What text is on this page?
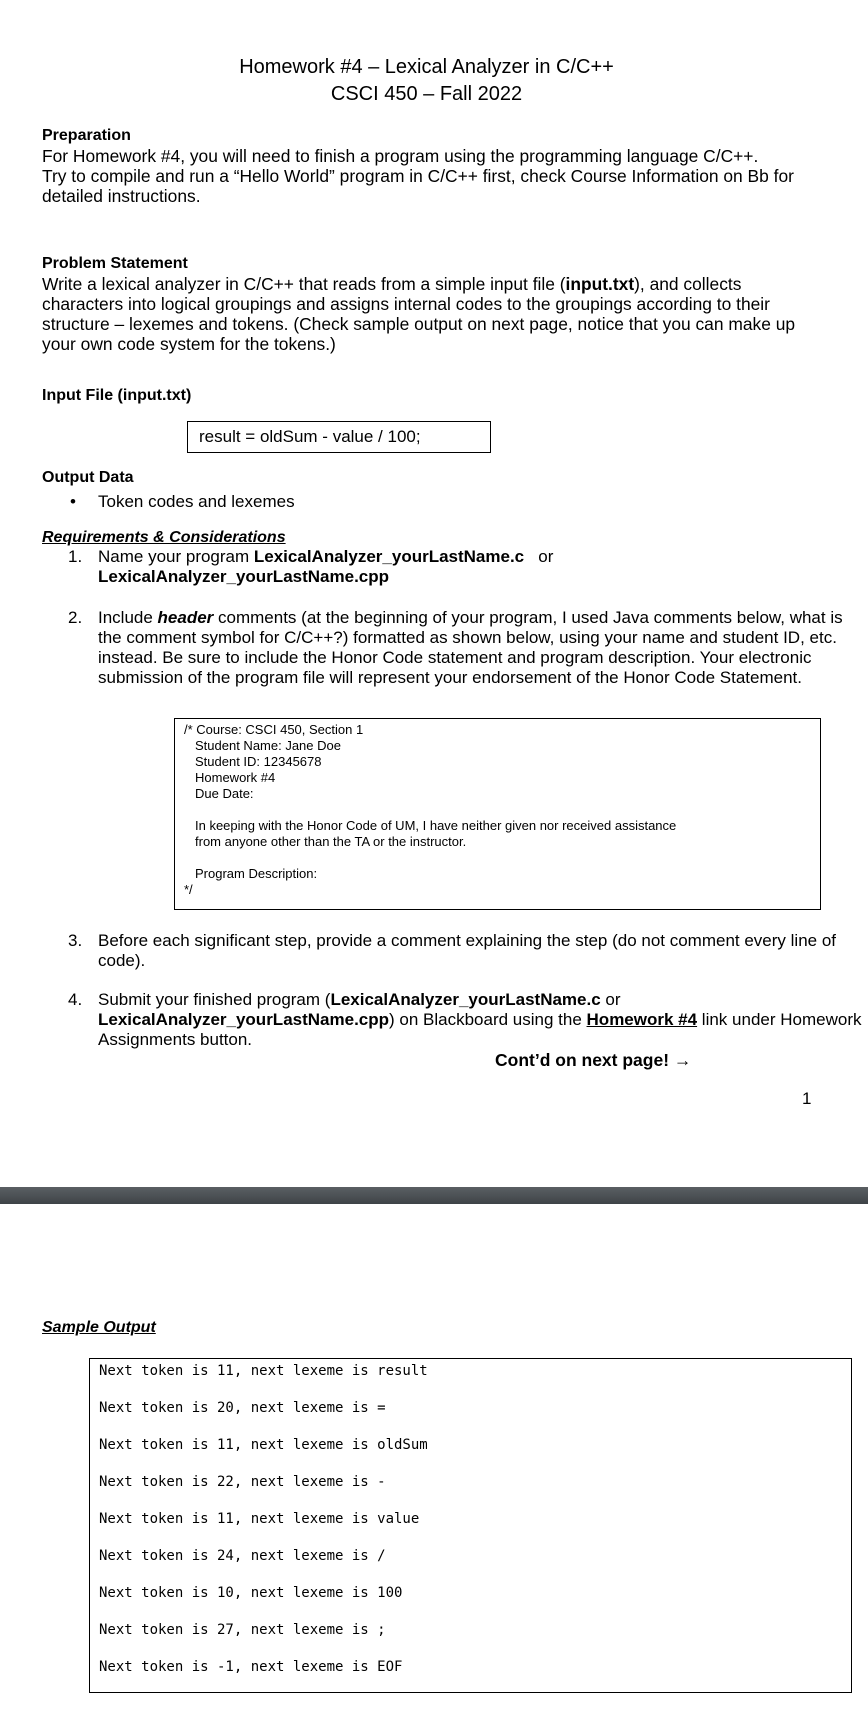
Homework #4 – Lexical Analyzer in C/C++
CSCI 450 – Fall 2022
Preparation
For Homework #4, you will need to finish a program using the programming language C/C++.
Try to compile and run a “Hello World” program in C/C++ first, check Course Information on Bb for detailed instructions.
Problem Statement
Write a lexical analyzer in C/C++ that reads from a simple input file (input.txt), and collects characters into logical groupings and assigns internal codes to the groupings according to their structure – lexemes and tokens. (Check sample output on next page, notice that you can make up your own code system for the tokens.)
Input File (input.txt)
result = oldSum - value / 100;
Output Data
• Token codes and lexemes
Requirements & Considerations
1. Name your program LexicalAnalyzer_yourLastName.c   or
LexicalAnalyzer_yourLastName.cpp
2. Include header comments (at the beginning of your program, I used Java comments below, what is the comment symbol for C/C++?) formatted as shown below, using your name and student ID, etc. instead. Be sure to include the Honor Code statement and program description. Your electronic submission of the program file will represent your endorsement of the Honor Code Statement.
/* Course: CSCI 450, Section 1
Student Name: Jane Doe
Student ID: 12345678
Homework #4
Due Date:
In keeping with the Honor Code of UM, I have neither given nor received assistance
from anyone other than the TA or the instructor.
Program Description:
*/
3. Before each significant step, provide a comment explaining the step (do not comment every line of code).
4. Submit your finished program (LexicalAnalyzer_yourLastName.c or
LexicalAnalyzer_yourLastName.cpp) on Blackboard using the Homework #4 link under Homework Assignments button.
Cont’d on next page! →
1
Sample Output
Next token is 11, next lexeme is result
Next token is 20, next lexeme is =
Next token is 11, next lexeme is oldSum
Next token is 22, next lexeme is -
Next token is 11, next lexeme is value
Next token is 24, next lexeme is /
Next token is 10, next lexeme is 100
Next token is 27, next lexeme is ;
Next token is -1, next lexeme is EOF
